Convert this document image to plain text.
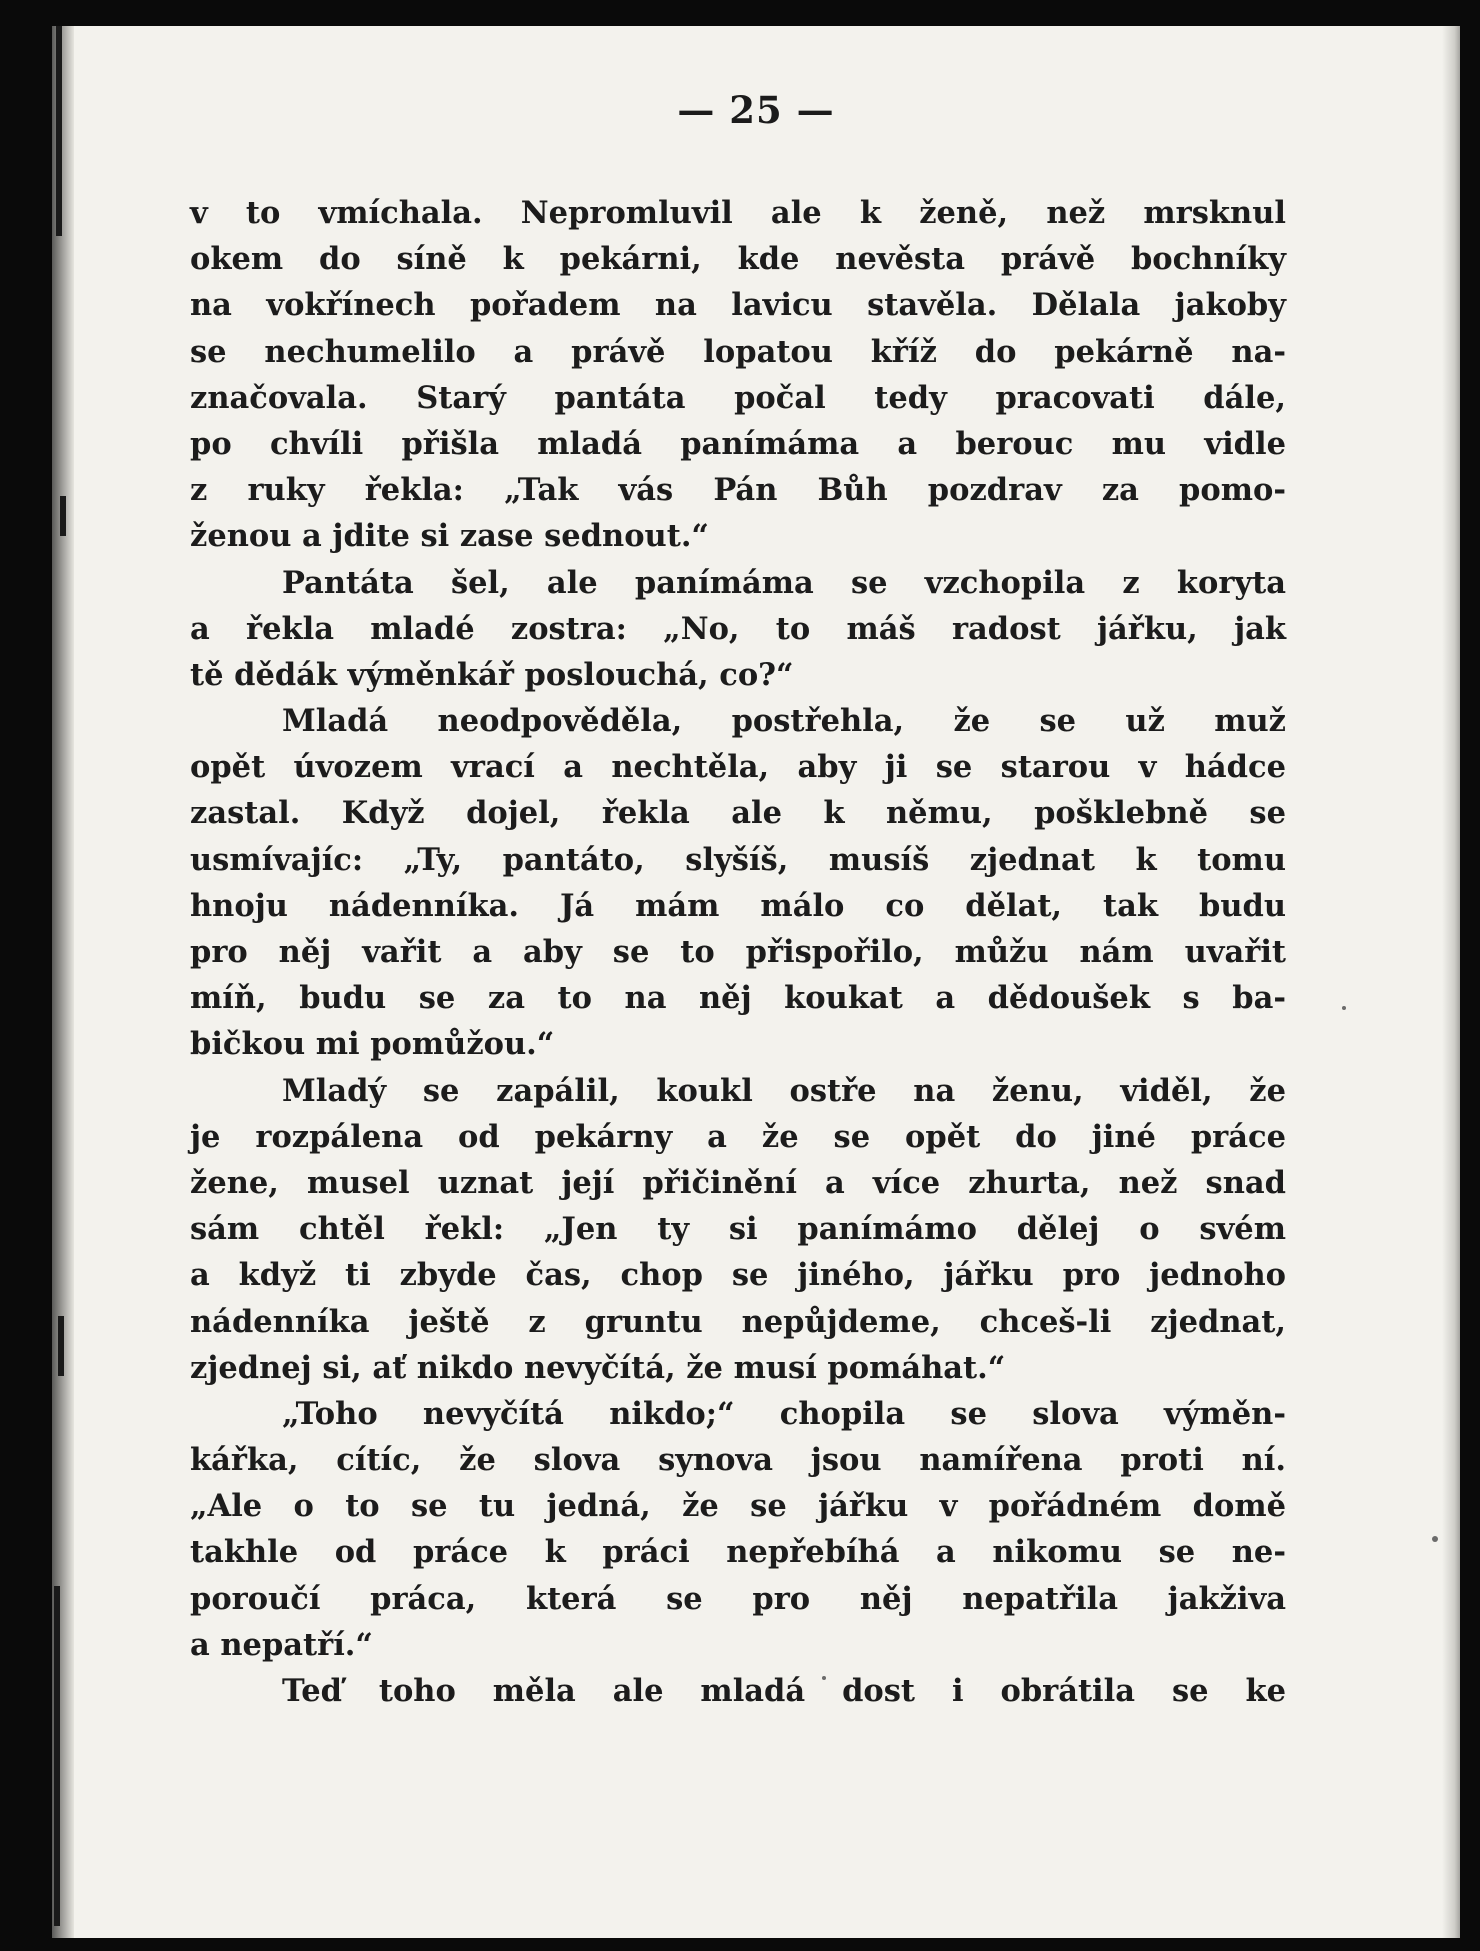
— 25 —
v to vmíchala. Nepromluvil ale k ženě, než mrsknul
okem do síně k pekárni, kde nevěsta právě bochníky
na vokřínech pořadem na lavicu stavěla. Dělala jakoby
se nechumelilo a právě lopatou kříž do pekárně na-
značovala. Starý pantáta počal tedy pracovati dále,
po chvíli přišla mladá panímáma a berouc mu vidle
z ruky řekla: „Tak vás Pán Bůh pozdrav za pomo-
ženou a jdite si zase sednout.“
Pantáta šel, ale panímáma se vzchopila z koryta
a řekla mladé zostra: „No, to máš radost jářku, jak
tě dědák výměnkář poslouchá, co?“
Mladá neodpověděla, postřehla, že se už muž
opět úvozem vrací a nechtěla, aby ji se starou v hádce
zastal. Když dojel, řekla ale k němu, pošklebně se
usmívajíc: „Ty, pantáto, slyšíš, musíš zjednat k tomu
hnoju nádenníka. Já mám málo co dělat, tak budu
pro něj vařit a aby se to přispořilo, můžu nám uvařit
míň, budu se za to na něj koukat a dědoušek s ba-
bičkou mi pomůžou.“
Mladý se zapálil, koukl ostře na ženu, viděl, že
je rozpálena od pekárny a že se opět do jiné práce
žene, musel uznat její přičinění a více zhurta, než snad
sám chtěl řekl: „Jen ty si panímámo dělej o svém
a když ti zbyde čas, chop se jiného, jářku pro jednoho
nádenníka ještě z gruntu nepůjdeme, chceš-li zjednat,
zjednej si, ať nikdo nevyčítá, že musí pomáhat.“
„Toho nevyčítá nikdo;“ chopila se slova výměn-
kářka, cítíc, že slova synova jsou namířena proti ní.
„Ale o to se tu jedná, že se jářku v pořádném domě
takhle od práce k práci nepřebíhá a nikomu se ne-
poroučí práca, která se pro něj nepatřila jakživa
a nepatří.“
Teď toho měla ale mladá dost i obrátila se ke
